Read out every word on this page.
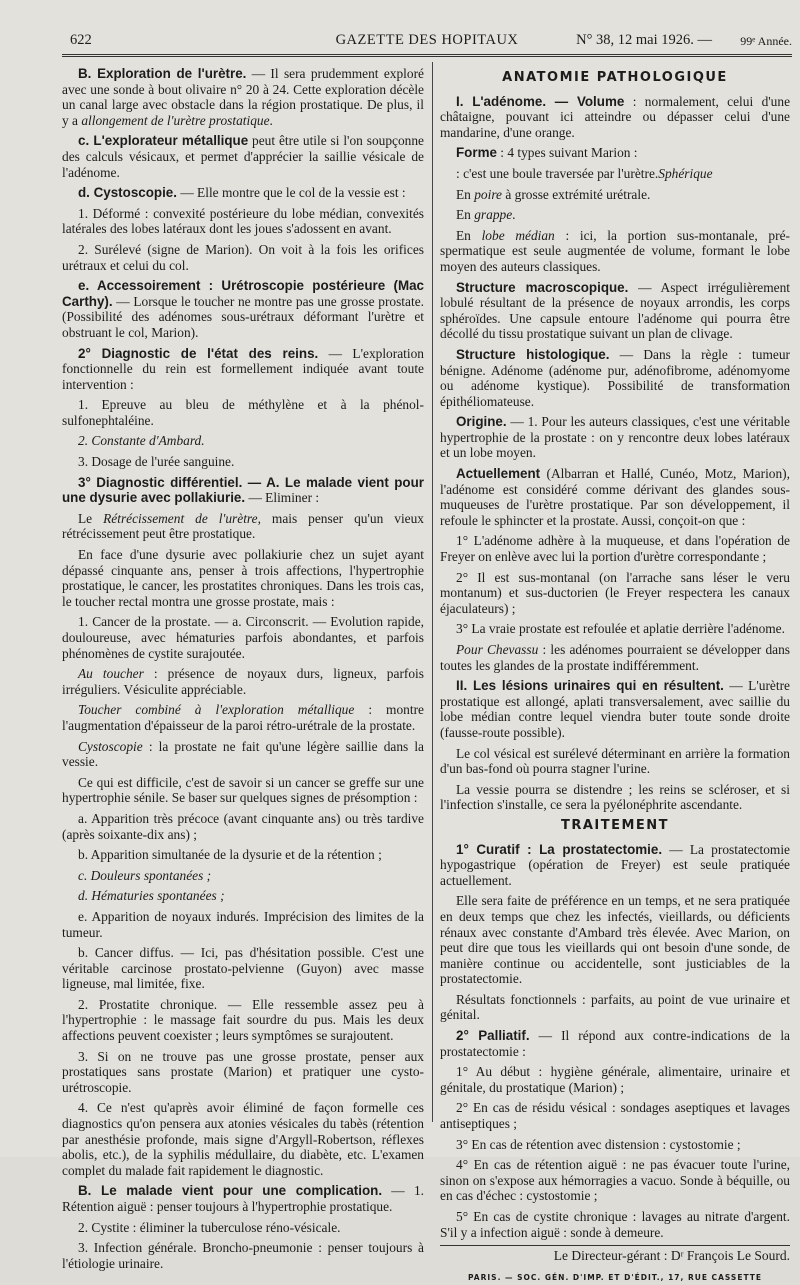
622	GAZETTE DES HOPITAUX	N° 38, 12 mai 1926. — 99ᵉ Année.

B. Exploration de l'urètre. — Il sera prudemment exploré avec une sonde à bout olivaire n° 20 à 24. Cette exploration décèle un canal large avec obstacle dans la région prostatique. De plus, il y a allongement de l'urètre prostatique.

c. L'explorateur métallique peut être utile si l'on soupçonne des calculs vésicaux, et permet d'apprécier la saillie vésicale de l'adénome.

d. Cystoscopie. — Elle montre que le col de la vessie est :

1. Déformé : convexité postérieure du lobe médian, convexités latérales des lobes latéraux dont les joues s'adossent en avant.

2. Surélevé (signe de Marion). On voit à la fois les orifices urétraux et celui du col.

e. Accessoirement : Urétroscopie postérieure (Mac Carthy). — Lorsque le toucher ne montre pas une grosse prostate. (Possibilité des adénomes sous-urétraux déformant l'urètre et obstruant le col, Marion).

2° Diagnostic de l'état des reins. — L'exploration fonctionnelle du rein est formellement indiquée avant toute intervention :

1. Epreuve au bleu de méthylène et à la phénol-sulfonephtaléine.

2. Constante d'Ambard.

3. Dosage de l'urée sanguine.

3° Diagnostic différentiel. — A. Le malade vient pour une dysurie avec pollakiurie. — Eliminer :

Le Rétrécissement de l'urètre, mais penser qu'un vieux rétrécissement peut être prostatique.

En face d'une dysurie avec pollakiurie chez un sujet ayant dépassé cinquante ans, penser à trois affections, l'hypertrophie prostatique, le cancer, les prostatites chroniques. Dans les trois cas, le toucher rectal montra une grosse prostate, mais :

1. Cancer de la prostate. — a. Circonscrit. — Evolution rapide, douloureuse, avec hématuries parfois abondantes, et parfois phénomènes de cystite surajoutée.

Au toucher : présence de noyaux durs, ligneux, parfois irréguliers. Vésiculite appréciable.

Toucher combiné à l'exploration métallique : montre l'augmentation d'épaisseur de la paroi rétro-urétrale de la prostate.

Cystoscopie : la prostate ne fait qu'une légère saillie dans la vessie.

Ce qui est difficile, c'est de savoir si un cancer se greffe sur une hypertrophie sénile. Se baser sur quelques signes de présomption :

a. Apparition très précoce (avant cinquante ans) ou très tardive (après soixante-dix ans) ;

b. Apparition simultanée de la dysurie et de la rétention ;

c. Douleurs spontanées ;

d. Hématuries spontanées ;

e. Apparition de noyaux indurés. Imprécision des limites de la tumeur.

b. Cancer diffus. — Ici, pas d'hésitation possible. C'est une véritable carcinose prostato-pelvienne (Guyon) avec masse ligneuse, mal limitée, fixe.

2. Prostatite chronique. — Elle ressemble assez peu à l'hypertrophie : le massage fait sourdre du pus. Mais les deux affections peuvent coexister ; leurs symptômes se surajoutent.

3. Si on ne trouve pas une grosse prostate, penser aux prostatiques sans prostate (Marion) et pratiquer une cysto-urétroscopie.

4. Ce n'est qu'après avoir éliminé de façon formelle ces diagnostics qu'on pensera aux atonies vésicales du tabès (rétention par anesthésie profonde, mais signe d'Argyll-Robertson, réflexes abolis, etc.), de la syphilis médullaire, du diabète, etc. L'examen complet du malade fait rapidement le diagnostic.

B. Le malade vient pour une complication. — 1. Rétention aiguë : penser toujours à l'hypertrophie prostatique.

2. Cystite : éliminer la tuberculose réno-vésicale.

3. Infection générale. Broncho-pneumonie : penser toujours à l'étiologie urinaire.

ANATOMIE PATHOLOGIQUE

I. L'adénome. — Volume : normalement, celui d'une châtaigne, pouvant ici atteindre ou dépasser celui d'une mandarine, d'une orange.

Forme : 4 types suivant Marion :

: c'est une boule traversée par l'urètre.Sphérique

En poire à grosse extrémité urétrale.

En grappe.

En lobe médian : ici, la portion sus-montanale, pré-spermatique est seule augmentée de volume, formant le lobe moyen des auteurs classiques.

Structure macroscopique. — Aspect irrégulièrement lobulé résultant de la présence de noyaux arrondis, les corps sphéroïdes. Une capsule entoure l'adénome qui pourra être décollé du tissu prostatique suivant un plan de clivage.

Structure histologique. — Dans la règle : tumeur bénigne. Adénome (adénome pur, adénofibrome, adénomyome ou adénome kystique). Possibilité de transformation épithéliomateuse.

Origine. — 1. Pour les auteurs classiques, c'est une véritable hypertrophie de la prostate : on y rencontre deux lobes latéraux et un lobe moyen.

Actuellement (Albarran et Hallé, Cunéo, Motz, Marion), l'adénome est considéré comme dérivant des glandes sous-muqueuses de l'urètre prostatique. Par son développement, il refoule le sphincter et la prostate. Aussi, conçoit-on que :

1° L'adénome adhère à la muqueuse, et dans l'opération de Freyer on enlève avec lui la portion d'urètre correspondante ;

2° Il est sus-montanal (on l'arrache sans léser le veru montanum) et sus-ductorien (le Freyer respectera les canaux éjaculateurs) ;

3° La vraie prostate est refoulée et aplatie derrière l'adénome.

Pour Chevassu : les adénomes pourraient se développer dans toutes les glandes de la prostate indifféremment.

II. Les lésions urinaires qui en résultent. — L'urètre prostatique est allongé, aplati transversalement, avec saillie du lobe médian contre lequel viendra buter toute sonde droite (fausse-route possible).

Le col vésical est surélevé déterminant en arrière la formation d'un bas-fond où pourra stagner l'urine.

La vessie pourra se distendre ; les reins se scléroser, et si l'infection s'installe, ce sera la pyélonéphrite ascendante.

TRAITEMENT

1° Curatif : La prostatectomie. — La prostatectomie hypogastrique (opération de Freyer) est seule pratiquée actuellement.

Elle sera faite de préférence en un temps, et ne sera pratiquée en deux temps que chez les infectés, vieillards, ou déficients rénaux avec constante d'Ambard très élevée. Avec Marion, on peut dire que tous les vieillards qui ont besoin d'une sonde, de manière continue ou accidentelle, sont justiciables de la prostatectomie.

Résultats fonctionnels : parfaits, au point de vue urinaire et génital.

2° Palliatif. — Il répond aux contre-indications de la prostatectomie :

1° Au début : hygiène générale, alimentaire, urinaire et génitale, du prostatique (Marion) ;

2° En cas de résidu vésical : sondages aseptiques et lavages antiseptiques ;

3° En cas de rétention avec distension : cystostomie ;

4° En cas de rétention aiguë : ne pas évacuer toute l'urine, sinon on s'expose aux hémorragies a vacuo. Sonde à béquille, ou en cas d'échec : cystostomie ;

5° En cas de cystite chronique : lavages au nitrate d'argent. S'il y a infection aiguë : sonde à demeure.

Le Directeur-gérant : Dʳ François Le Sourd.
PARIS. — SOC. GÉN. D'IMP. ET D'ÉDIT., 17, RUE CASSETTE
